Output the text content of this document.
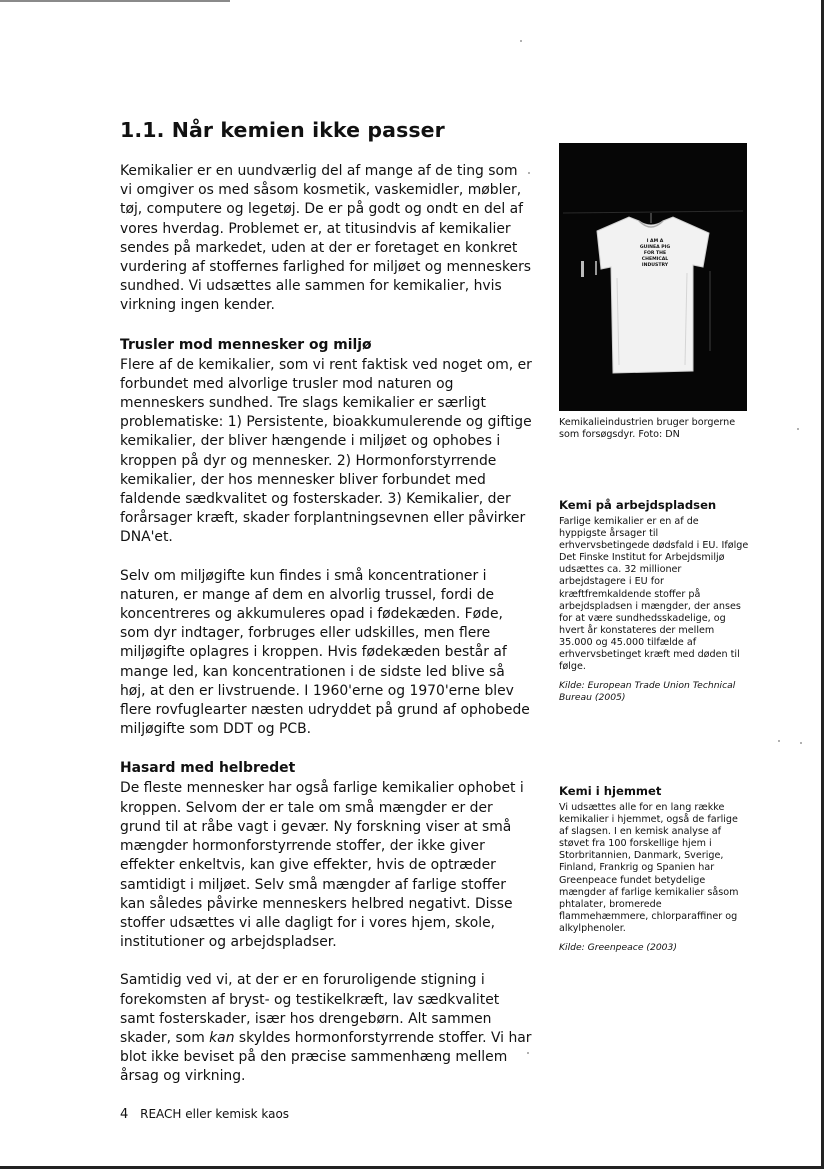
1.1. Når kemien ikke passer

Kemikalier er en uundværlig del af mange af de ting som vi omgiver os med såsom kosmetik, vaskemidler, møbler, tøj, computere og legetøj. De er på godt og ondt en del af vores hverdag. Problemet er, at titusindvis af kemikalier sendes på markedet, uden at der er foretaget en konkret vurdering af stoffernes farlighed for miljøet og menneskers sundhed. Vi udsættes alle sammen for kemikalier, hvis virkning ingen kender.

Trusler mod mennesker og miljø

Flere af de kemikalier, som vi rent faktisk ved noget om, er forbundet med alvorlige trusler mod naturen og menneskers sundhed. Tre slags kemikalier er særligt problematiske: 1) Persistente, bioakkumulerende og giftige kemikalier, der bliver hængende i miljøet og ophobes i kroppen på dyr og mennesker. 2) Hormonforstyrrende kemikalier, der hos mennesker bliver forbundet med faldende sædkvalitet og fosterskader. 3) Kemikalier, der forårsager kræft, skader forplantningsevnen eller påvirker DNA'et.

Selv om miljøgifte kun findes i små koncentrationer i naturen, er mange af dem en alvorlig trussel, fordi de koncentreres og akkumuleres opad i fødekæden. Føde, som dyr indtager, forbruges eller udskilles, men flere miljøgifte oplagres i kroppen. Hvis fødekæden består af mange led, kan koncentrationen i de sidste led blive så høj, at den er livstruende. I 1960'erne og 1970'erne blev flere rovfuglearter næsten udryddet på grund af ophobede miljøgifte som DDT og PCB.

Hasard med helbredet

De fleste mennesker har også farlige kemikalier ophobet i kroppen. Selvom der er tale om små mængder er der grund til at råbe vagt i gevær. Ny forskning viser at små mængder hormonforstyrrende stoffer, der ikke giver effekter enkeltvis, kan give effekter, hvis de optræder samtidigt i miljøet. Selv små mængder af farlige stoffer kan således påvirke menneskers helbred negativt. Disse stoffer udsættes vi alle dagligt for i vores hjem, skole, institutioner og arbejdspladser.

Samtidig ved vi, at der er en foruroligende stigning i forekomsten af bryst- og testikelkræft, lav sædkvalitet samt fosterskader, især hos drengebørn. Alt sammen skader, som kan skyldes hormonforstyrrende stoffer. Vi har blot ikke beviset på den præcise sammenhæng mellem årsag og virkning.

I AM A
GUINEA PIG
FOR THE
CHEMICAL
INDUSTRY

Kemikalieindustrien bruger borgerne som forsøgsdyr. Foto: DN

Kemi på arbejdspladsen

Farlige kemikalier er en af de hyppigste årsager til erhvervsbetingede dødsfald i EU. Ifølge Det Finske Institut for Arbejdsmiljø udsættes ca. 32 millioner arbejdstagere i EU for kræftfremkaldende stoffer på arbejdspladsen i mængder, der anses for at være sundhedsskadelige, og hvert år konstateres der mellem 35.000 og 45.000 tilfælde af erhvervsbetinget kræft med døden til følge.

Kilde: European Trade Union Technical Bureau (2005)

Kemi i hjemmet

Vi udsættes alle for en lang række kemikalier i hjemmet, også de farlige af slagsen. I en kemisk analyse af støvet fra 100 forskellige hjem i Storbritannien, Danmark, Sverige, Finland, Frankrig og Spanien har Greenpeace fundet betydelige mængder af farlige kemikalier såsom phtalater, bromerede flammehæmmere, chlorparaffiner og alkylphenoler.

Kilde: Greenpeace (2003)

4 REACH eller kemisk kaos
